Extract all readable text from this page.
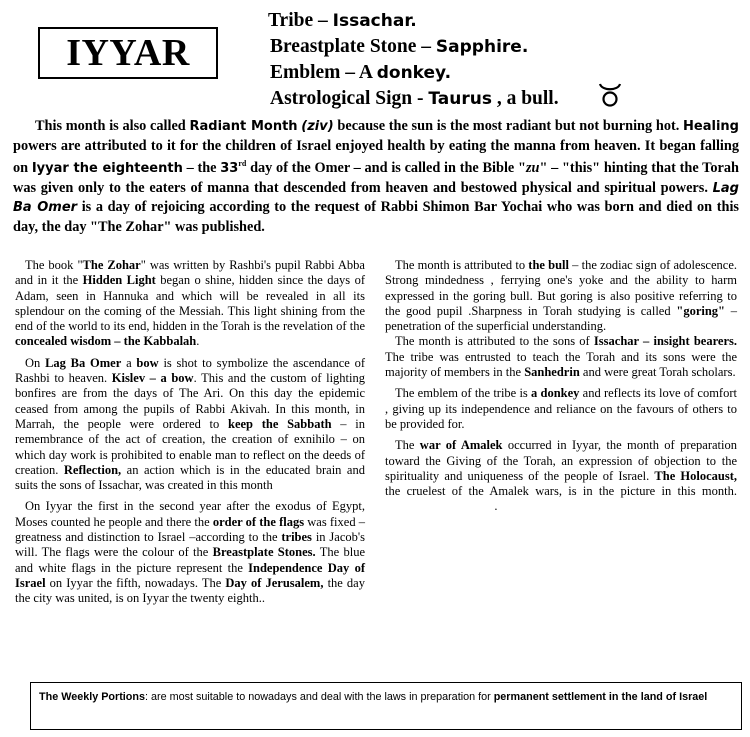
IYYAR
Tribe – Issachar.
Breastplate Stone – Sapphire.
Emblem – A donkey.
Astrological Sign - Taurus , a bull.

This month is also called Radiant Month (ziv) because the sun is the most radiant but not burning hot. Healing powers are attributed to it for the children of Israel enjoyed health by eating the manna from heaven. It began falling on Iyyar the eighteenth – the 33rd day of the Omer – and is called in the Bible "zu" – "this" hinting that the Torah was given only to the eaters of manna that descended from heaven and bestowed physical and spiritual powers. Lag Ba Omer is a day of rejoicing according to the request of Rabbi Shimon Bar Yochai who was born and died on this day, the day "The Zohar" was published.

The book "The Zohar" was written by Rashbi's pupil Rabbi Abba and in it the Hidden Light began o shine, hidden since the days of Adam, seen in Hannuka and which will be revealed in all its splendour on the coming of the Messiah. This light shining from the end of the world to its end, hidden in the Torah is the revelation of the concealed wisdom – the Kabbalah.

On Lag Ba Omer a bow is shot to symbolize the ascendance of Rashbi to heaven. Kislev – a bow. This and the custom of lighting bonfires are from the days of The Ari. On this day the epidemic ceased from among the pupils of Rabbi Akivah. In this month, in Marrah, the people were ordered to keep the Sabbath – in remembrance of the act of creation, the creation of exnihilo – on which day work is prohibited to enable man to reflect on the deeds of creation. Reflection, an action which is in the educated brain and suits the sons of Issachar, was created in this month

On Iyyar the first in the second year after the exodus of Egypt, Moses counted he people and there the order of the flags was fixed – greatness and distinction to Israel –according to the tribes in Jacob's will. The flags were the colour of the Breastplate Stones. The blue and white flags in the picture represent the Independence Day of Israel on Iyyar the fifth, nowadays. The Day of Jerusalem, the day the city was united, is on Iyyar the twenty eighth..

The month is attributed to the bull – the zodiac sign of adolescence. Strong mindedness , ferrying one's yoke and the ability to harm expressed in the goring bull. But goring is also positive referring to the good pupil .Sharpness in Torah studying is called "goring" – penetration of the superficial understanding.

The month is attributed to the sons of Issachar – insight bearers. The tribe was entrusted to teach the Torah and its sons were the majority of members in the Sanhedrin and were great Torah scholars.

The emblem of the tribe is a donkey and reflects its love of comfort , giving up its independence and reliance on the favours of others to be provided for.

The war of Amalek occurred in Iyyar, the month of preparation toward the Giving of the Torah, an expression of objection to the spirituality and uniqueness of the people of Israel. The Holocaust, the cruelest of the Amalek wars, is in the picture in this month.                                   .

The Weekly Portions: are most suitable to nowadays and deal with the laws in preparation for permanent settlement in the land of Israel
